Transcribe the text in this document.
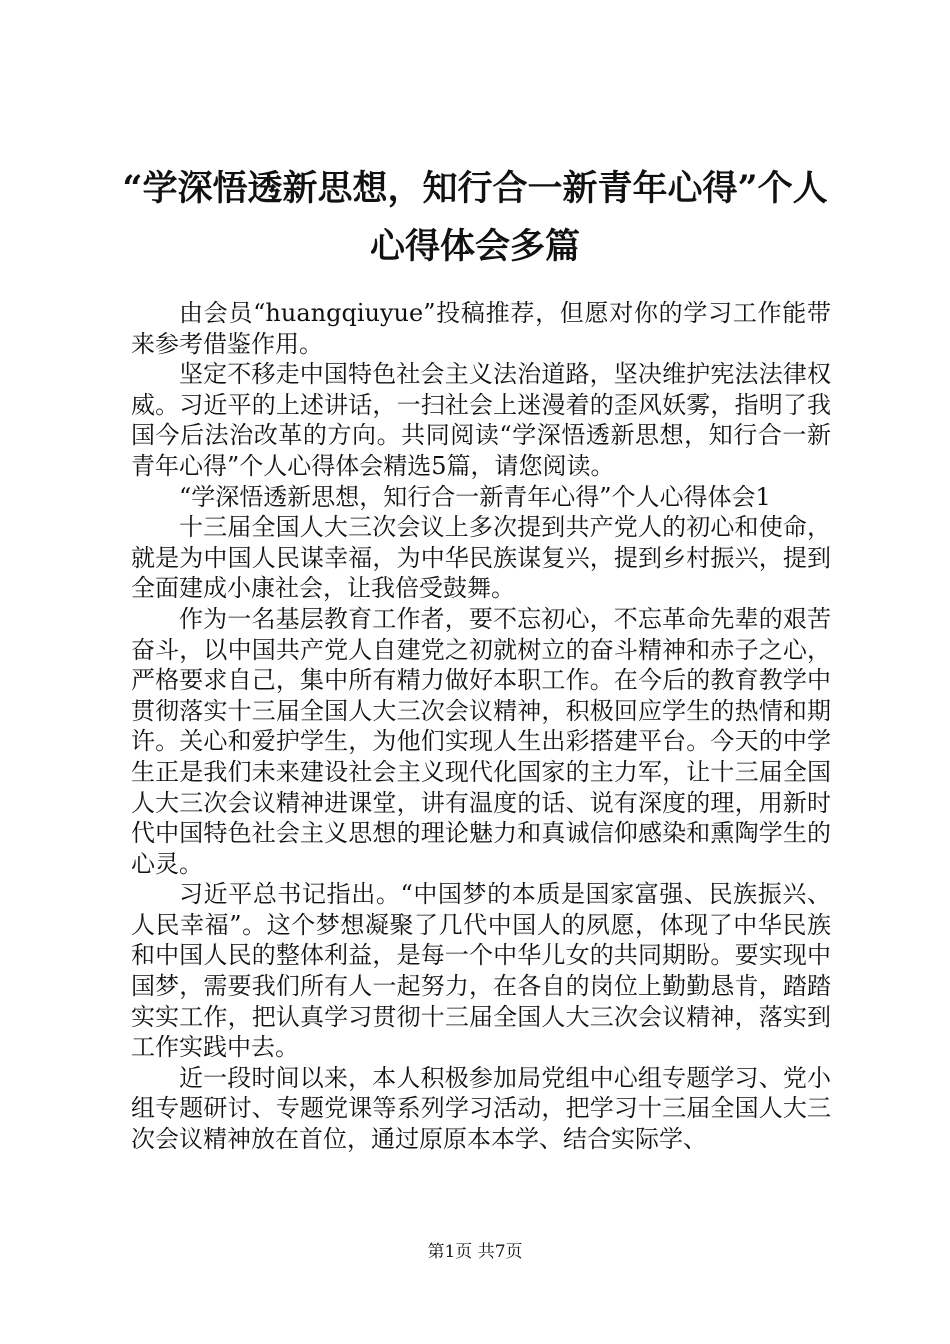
“学深悟透新思想，知行合一新青年心得”个人心得体会多篇

由会员“huangqiuyue”投稿推荐，但愿对你的学习工作能带来参考借鉴作用。

坚定不移走中国特色社会主义法治道路，坚决维护宪法法律权威。习近平的上述讲话，一扫社会上迷漫着的歪风妖雾，指明了我国今后法治改革的方向。共同阅读“学深悟透新思想，知行合一新青年心得”个人心得体会精选5篇，请您阅读。

“学深悟透新思想，知行合一新青年心得”个人心得体会1

十三届全国人大三次会议上多次提到共产党人的初心和使命，就是为中国人民谋幸福，为中华民族谋复兴，提到乡村振兴，提到全面建成小康社会，让我倍受鼓舞。

作为一名基层教育工作者，要不忘初心，不忘革命先辈的艰苦奋斗，以中国共产党人自建党之初就树立的奋斗精神和赤子之心，严格要求自己，集中所有精力做好本职工作。在今后的教育教学中贯彻落实十三届全国人大三次会议精神，积极回应学生的热情和期许。关心和爱护学生，为他们实现人生出彩搭建平台。今天的中学生正是我们未来建设社会主义现代化国家的主力军，让十三届全国人大三次会议精神进课堂，讲有温度的话、说有深度的理，用新时代中国特色社会主义思想的理论魅力和真诚信仰感染和熏陶学生的心灵。

习近平总书记指出。“中国梦的本质是国家富强、民族振兴、人民幸福”。这个梦想凝聚了几代中国人的夙愿，体现了中华民族和中国人民的整体利益，是每一个中华儿女的共同期盼。要实现中国梦，需要我们所有人一起努力，在各自的岗位上勤勤恳肯，踏踏实实工作，把认真学习贯彻十三届全国人大三次会议精神，落实到工作实践中去。

近一段时间以来，本人积极参加局党组中心组专题学习、党小组专题研讨、专题党课等系列学习活动，把学习十三届全国人大三次会议精神放在首位，通过原原本本学、结合实际学、

第1页 共7页
